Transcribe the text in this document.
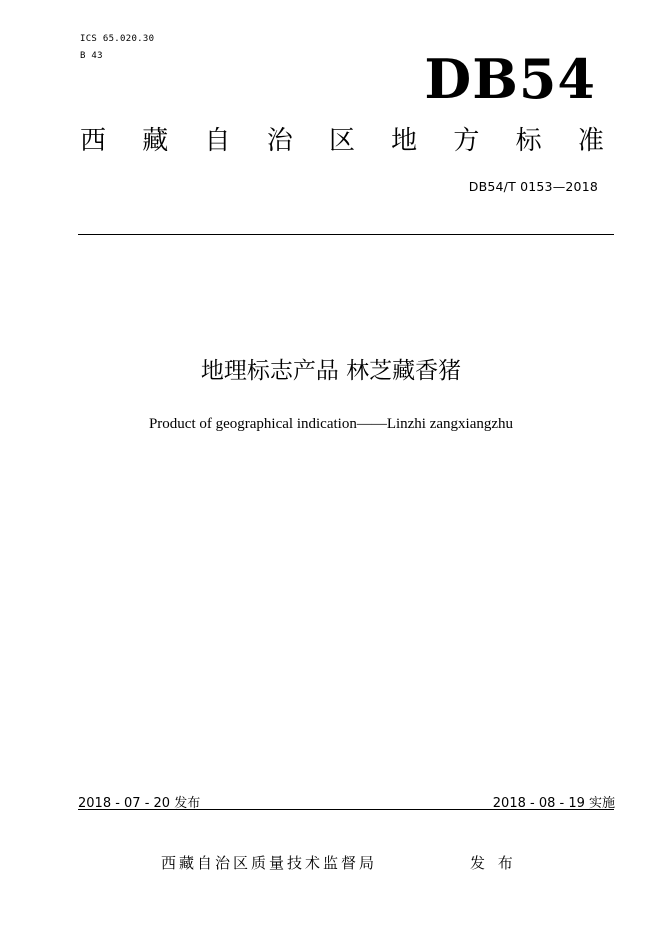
ICS 65.020.30
B 43	DB54
西 藏 自 治 区 地 方 标 准
DB54/T 0153—2018
地理标志产品 林芝藏香猪
Product of geographical indication——Linzhi zangxiangzhu
2018 - 07 - 20 发布	2018 - 08 - 19 实施
西藏自治区质量技术监督局	发 布
